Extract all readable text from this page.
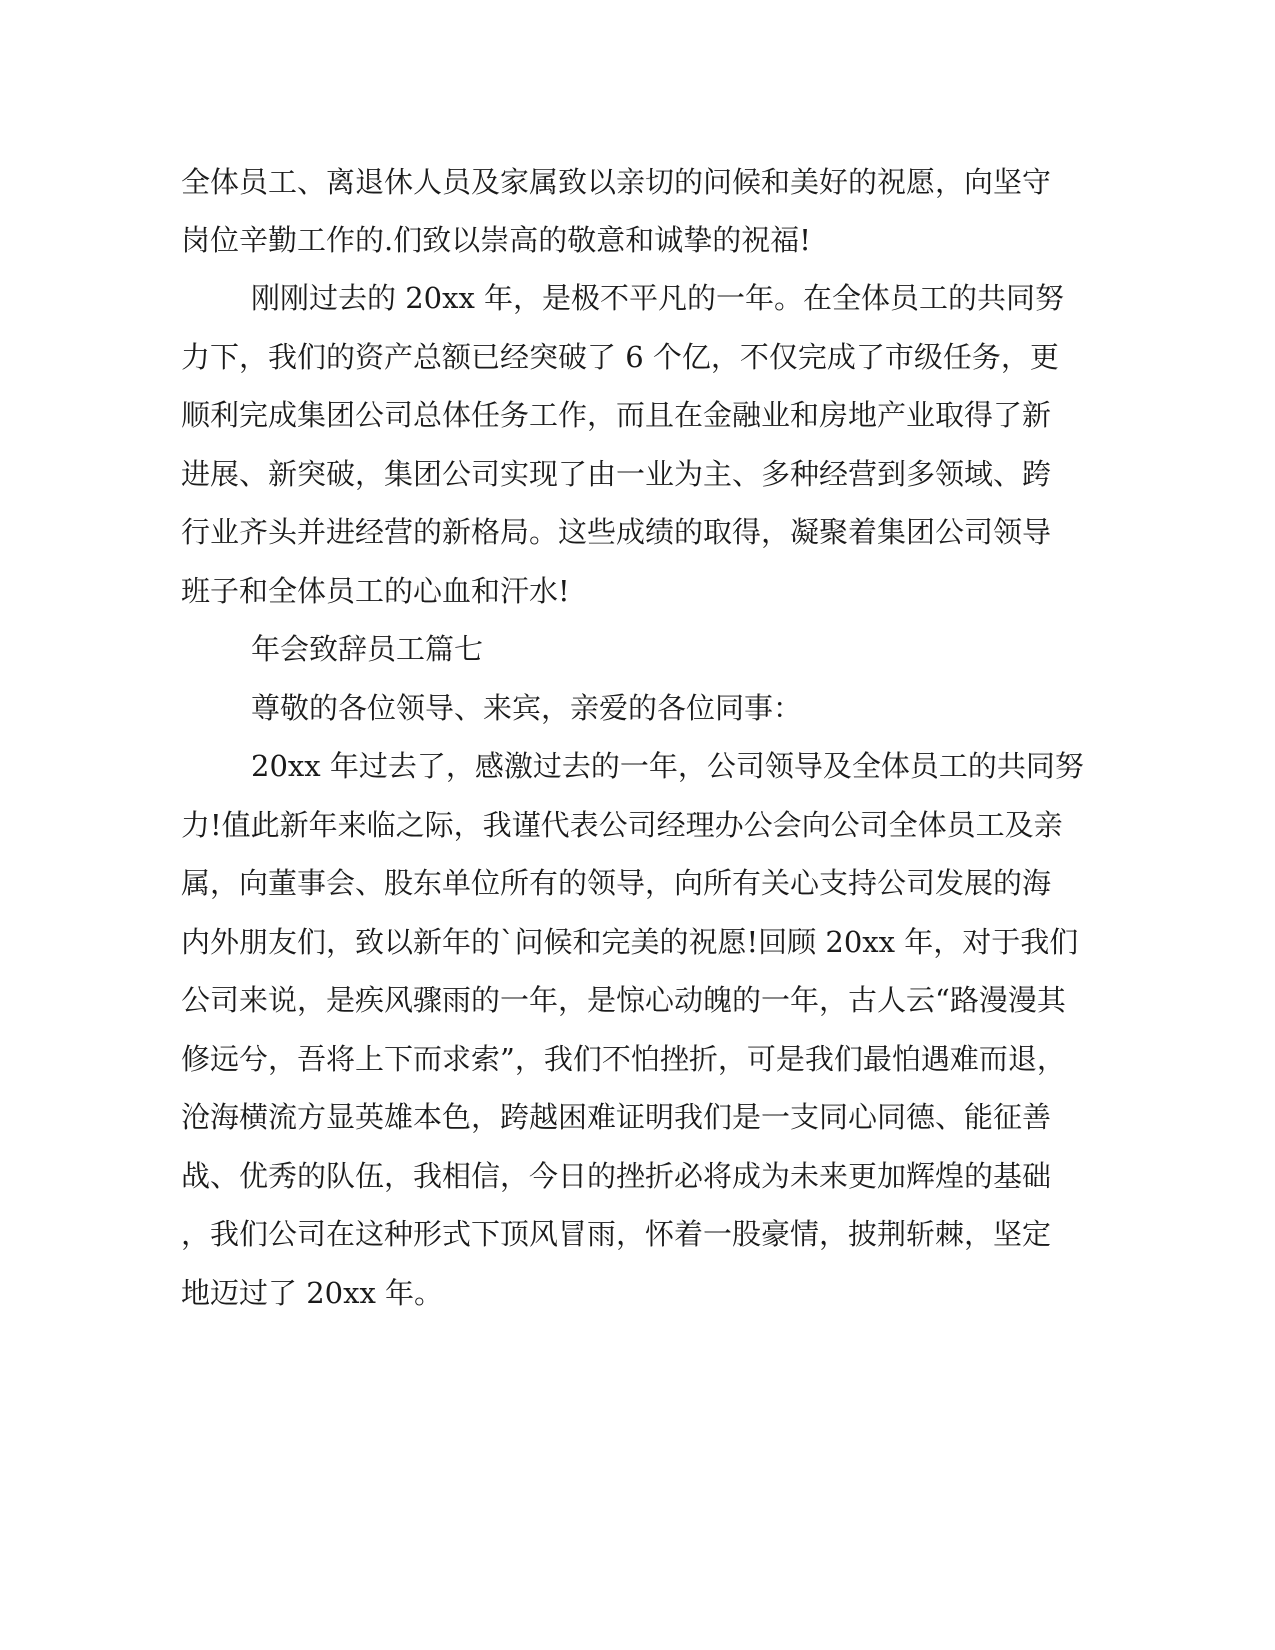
全体员工、离退休人员及家属致以亲切的问候和美好的祝愿，向坚守

岗位辛勤工作的.们致以崇高的敬意和诚挚的祝福!

刚刚过去的 20xx 年，是极不平凡的一年。在全体员工的共同努

力下，我们的资产总额已经突破了 6 个亿，不仅完成了市级任务，更

顺利完成集团公司总体任务工作，而且在金融业和房地产业取得了新

进展、新突破，集团公司实现了由一业为主、多种经营到多领域、跨

行业齐头并进经营的新格局。这些成绩的取得，凝聚着集团公司领导

班子和全体员工的心血和汗水!

年会致辞员工篇七

尊敬的各位领导、来宾，亲爱的各位同事：

20xx 年过去了，感激过去的一年，公司领导及全体员工的共同努

力!值此新年来临之际，我谨代表公司经理办公会向公司全体员工及亲

属，向董事会、股东单位所有的领导，向所有关心支持公司发展的海

内外朋友们，致以新年的`问候和完美的祝愿!回顾 20xx 年，对于我们

公司来说，是疾风骤雨的一年，是惊心动魄的一年，古人云“路漫漫其

修远兮，吾将上下而求索”，我们不怕挫折，可是我们最怕遇难而退，

沧海横流方显英雄本色，跨越困难证明我们是一支同心同德、能征善

战、优秀的队伍，我相信，今日的挫折必将成为未来更加辉煌的基础

，我们公司在这种形式下顶风冒雨，怀着一股豪情，披荆斩棘，坚定

地迈过了 20xx 年。
